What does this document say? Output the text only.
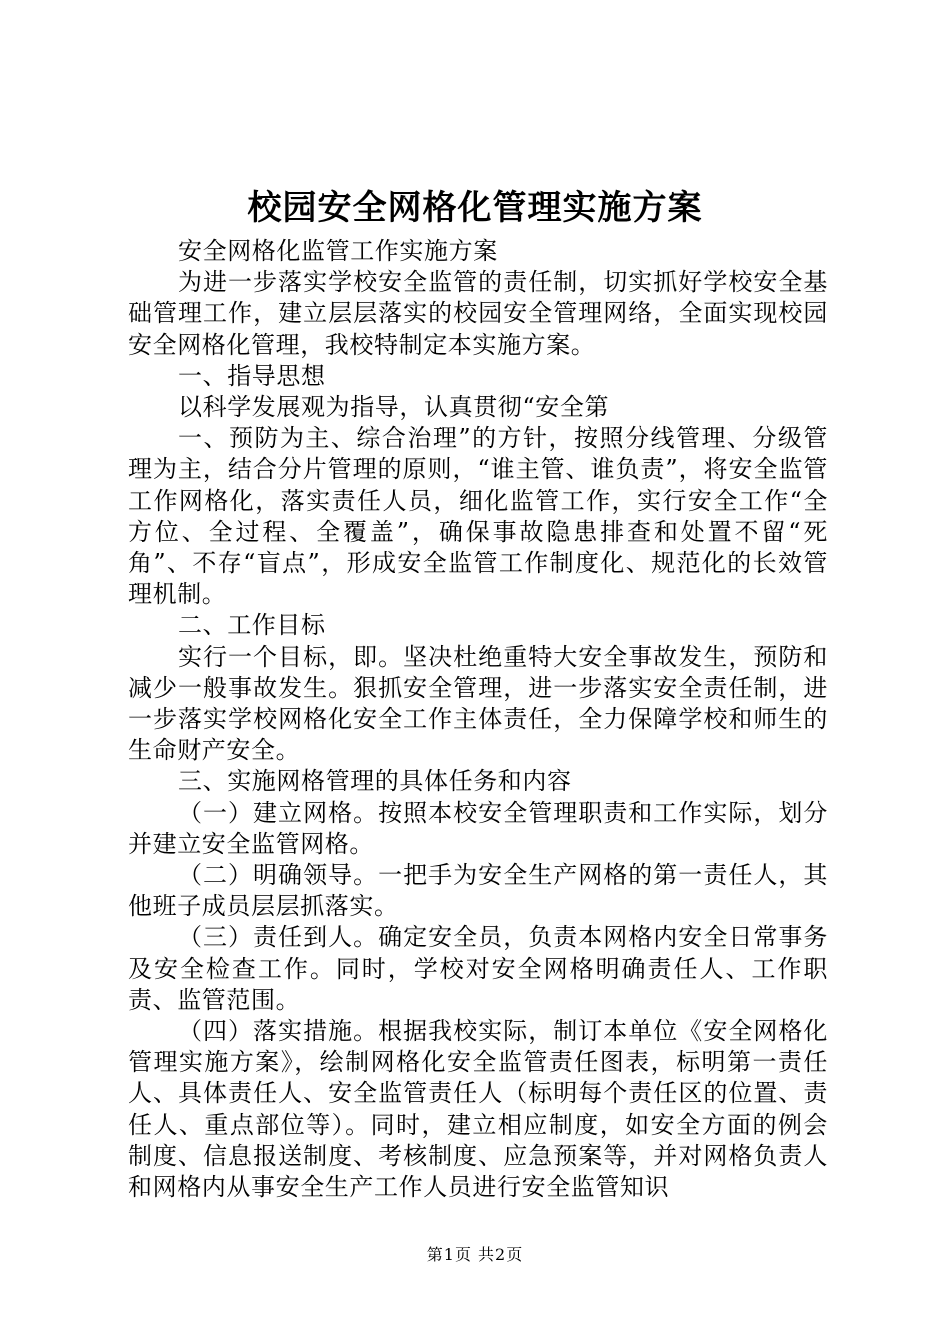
校园安全网格化管理实施方案

安全网格化监管工作实施方案

为进一步落实学校安全监管的责任制，切实抓好学校安全基础管理工作，建立层层落实的校园安全管理网络，全面实现校园安全网格化管理，我校特制定本实施方案。

一、指导思想

以科学发展观为指导，认真贯彻“安全第

一、预防为主、综合治理”的方针，按照分线管理、分级管理为主，结合分片管理的原则，“谁主管、谁负责”，将安全监管工作网格化，落实责任人员，细化监管工作，实行安全工作“全方位、全过程、全覆盖”，确保事故隐患排查和处置不留“死角”、不存“盲点”，形成安全监管工作制度化、规范化的长效管理机制。

二、工作目标

实行一个目标，即。坚决杜绝重特大安全事故发生，预防和减少一般事故发生。狠抓安全管理，进一步落实安全责任制，进一步落实学校网格化安全工作主体责任，全力保障学校和师生的生命财产安全。

三、实施网格管理的具体任务和内容

（一）建立网格。按照本校安全管理职责和工作实际，划分并建立安全监管网格。

（二）明确领导。一把手为安全生产网格的第一责任人，其他班子成员层层抓落实。

（三）责任到人。确定安全员，负责本网格内安全日常事务及安全检查工作。同时，学校对安全网格明确责任人、工作职责、监管范围。

（四）落实措施。根据我校实际，制订本单位《安全网格化管理实施方案》，绘制网格化安全监管责任图表，标明第一责任人、具体责任人、安全监管责任人（标明每个责任区的位置、责任人、重点部位等）。同时，建立相应制度，如安全方面的例会制度、信息报送制度、考核制度、应急预案等，并对网格负责人和网格内从事安全生产工作人员进行安全监管知识

第1页 共2页
